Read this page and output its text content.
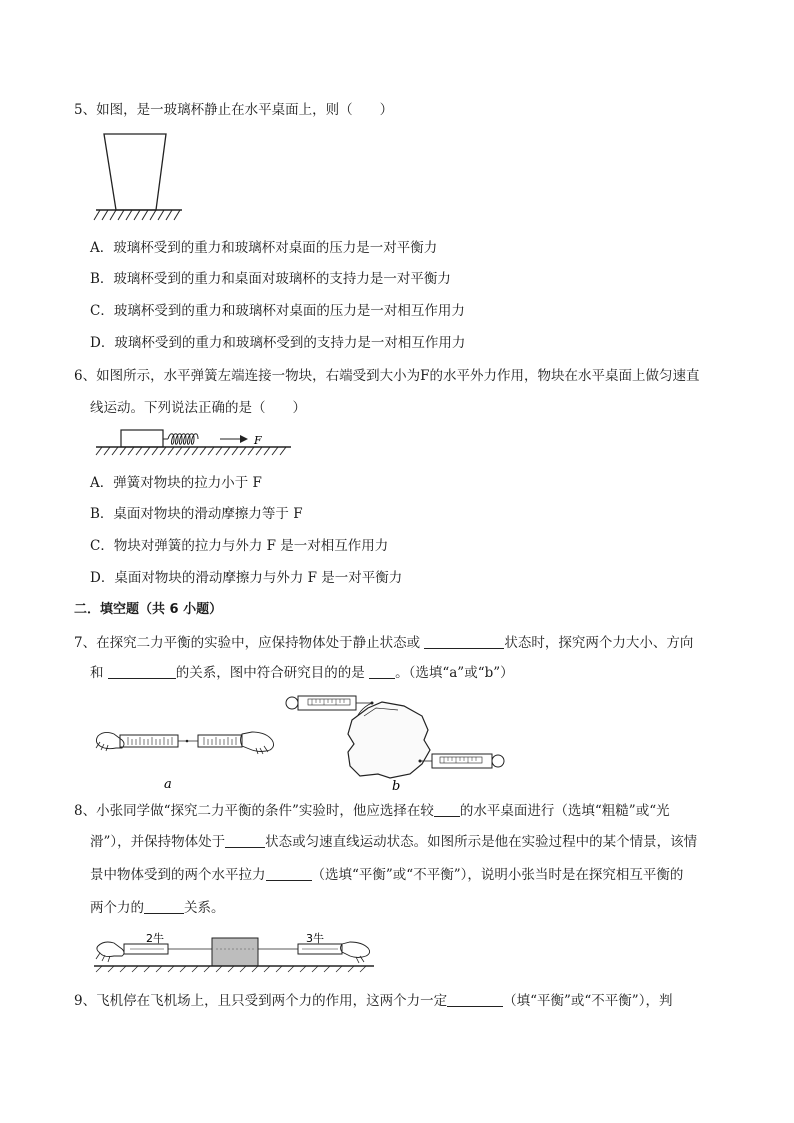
5、如图，是一玻璃杯静止在水平桌面上，则（　　）
A．玻璃杯受到的重力和玻璃杯对桌面的压力是一对平衡力
B．玻璃杯受到的重力和桌面对玻璃杯的支持力是一对平衡力
C．玻璃杯受到的重力和玻璃杯对桌面的压力是一对相互作用力
D．玻璃杯受到的重力和玻璃杯受到的支持力是一对相互作用力
6、如图所示，水平弹簧左端连接一物块，右端受到大小为F的水平外力作用，物块在水平桌面上做匀速直
线运动。下列说法正确的是（　　）
F
A．弹簧对物块的拉力小于 F
B．桌面对物块的滑动摩擦力等于 F
C．物块对弹簧的拉力与外力 F 是一对相互作用力
D．桌面对物块的滑动摩擦力与外力 F 是一对平衡力
二．填空题（共 6 小题）
7、在探究二力平衡的实验中，应保持物体处于静止状态或	状态时，探究两个力大小、方向
和	的关系，图中符合研究目的的是 。（选填“a”或“b”）
a	b
8、小张同学做“探究二力平衡的条件”实验时，他应选择在较 的水平桌面进行（选填“粗糙”或“光
滑”），并保持物体处于	状态或匀速直线运动状态。如图所示是他在实验过程中的某个情景，该情
景中物体受到的两个水平拉力	（选填“平衡”或“不平衡”），说明小张当时是在探究相互平衡的
两个力的	关系。
2牛	3牛
9、飞机停在飞机场上，且只受到两个力的作用，这两个力一定	（填“平衡”或“不平衡”），判
